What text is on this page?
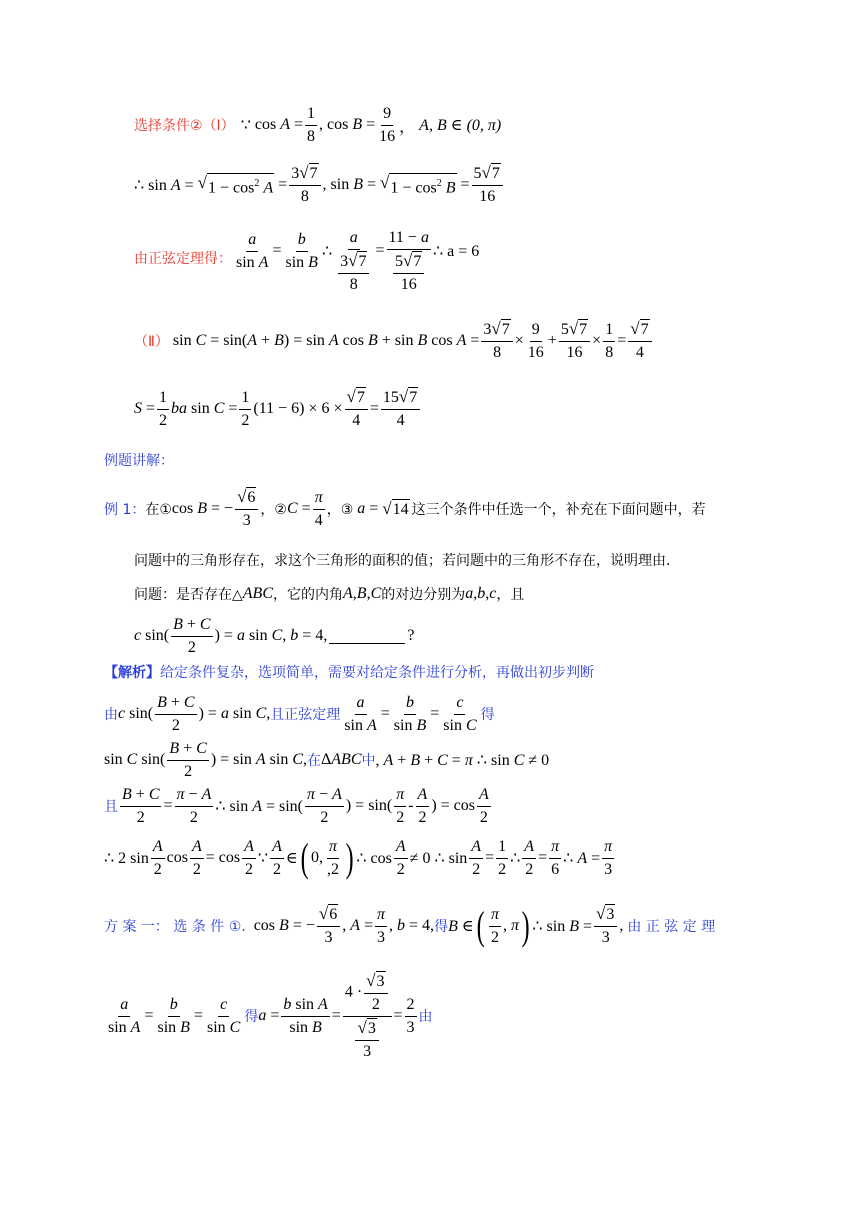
选择条件②（Ⅰ） ∵ $\cos A = \frac{1}{8}$ , $\cos B = \frac{9}{16}$ ， A, B ∈ (0, π)
∴ sin A = √ $1 - \cos^2 A = \frac{3 √ 7}{8}$ , sin B = √ $1 - \cos^2 B = \frac{5 √ 7}{16}$
由正弦定理得： $\frac{a}{\text{sin A}} = \frac{b}{\text{sin B}}$ ∴ $\frac{a}{\frac{3 √ 7}{8}} = \frac{11 - a}{\frac{5 √ 7}{16}}$ ∴ a = 6
（Ⅱ） sin C = sin(A + B) = sin A cos B + sin B $\cos A = \frac{3 √ 7}{8} \times \frac{9}{16} + \frac{5 √ 7}{16} \times \frac{1}{8} = \frac{√ 7}{4}$
$S = \frac{1}{2}$ ba $\sin C = \frac{1}{2} (11 - 6) \times 6 \times \frac{√ 7}{4} = \frac{15 √ 7}{4}$
例题讲解：
例 1： 在① cos B = − $\frac{√ 6}{3}$ ，② $C = \frac{\pi}{4}$ ，③ a = √ 14 这三个条件中任选一个，补充在下面问题中，若
问题中的三角形存在，求这个三角形的面积的值；若问题中的三角形不存在，说明理由.
问题：是否存在△ ABC ，它的内角 A , B , C 的对边分别为 a , b , c ，且
c $\sin( \frac{B + C}{2}$ ) = a sin C, b = 4,	?
【解析】 给定条件复杂，选项简单，需要对给定条件进行分析，再做出初步判断
由 c $\sin( \frac{B + C}{2}$ ) = a sin C, 且正弦定理 $\frac{a}{\text{sin A}} = \frac{b}{\text{sin B}} = \frac{c}{\text{sin C}}$ 得
sin C $\sin( \frac{B + C}{2}$ ) = sin A sin C, 在 ΔABC 中 , A + B + C = π ∴ sin C ≠ 0
且 $\frac{B + C}{2} = \frac{\pi - A}{2}$ ∴ $\sin A = \sin( \frac{\pi - A}{2}$ ) = $\sin( \frac{\pi}{2} - \frac{A}{2}$ ) = $\cos \frac{A}{2}$
∴ 2 $\sin \frac{A}{2}$ $\cos \frac{A}{2} = \cos \frac{A}{2}$ ∵ $\frac{A}{2}$ ∈ ( 0, $\frac{\pi}{,2}$ ) ∴ $\cos \frac{A}{2} \ne 0$ ∴ $\sin \frac{A}{2} = \frac{1}{2}$ ∴ $\frac{A}{2} = \frac{\pi}{6}$ ∴ $A = \frac{\pi}{3}$
方 案 一： 选 条 件 ①. cos B = − $\frac{√ 6}{3}$ , $A = \frac{\pi}{3}$ , b = 4, 得 B ∈ ( $\frac{\pi}{2}$ , π ) ∴ $\sin B = \frac{√ 3}{3}$ , 由 正 弦 定 理
$\frac{a}{\text{sin A}} = \frac{b}{\text{sin B}} = \frac{c}{\text{sin C}}$ 得 $a = \frac{\text{b sin A}}{\text{sin B}} = \frac{4 \cdot \frac{√ 3}{2}}{\frac{√ 3}{3}} = \frac{2}{3}$ 由
